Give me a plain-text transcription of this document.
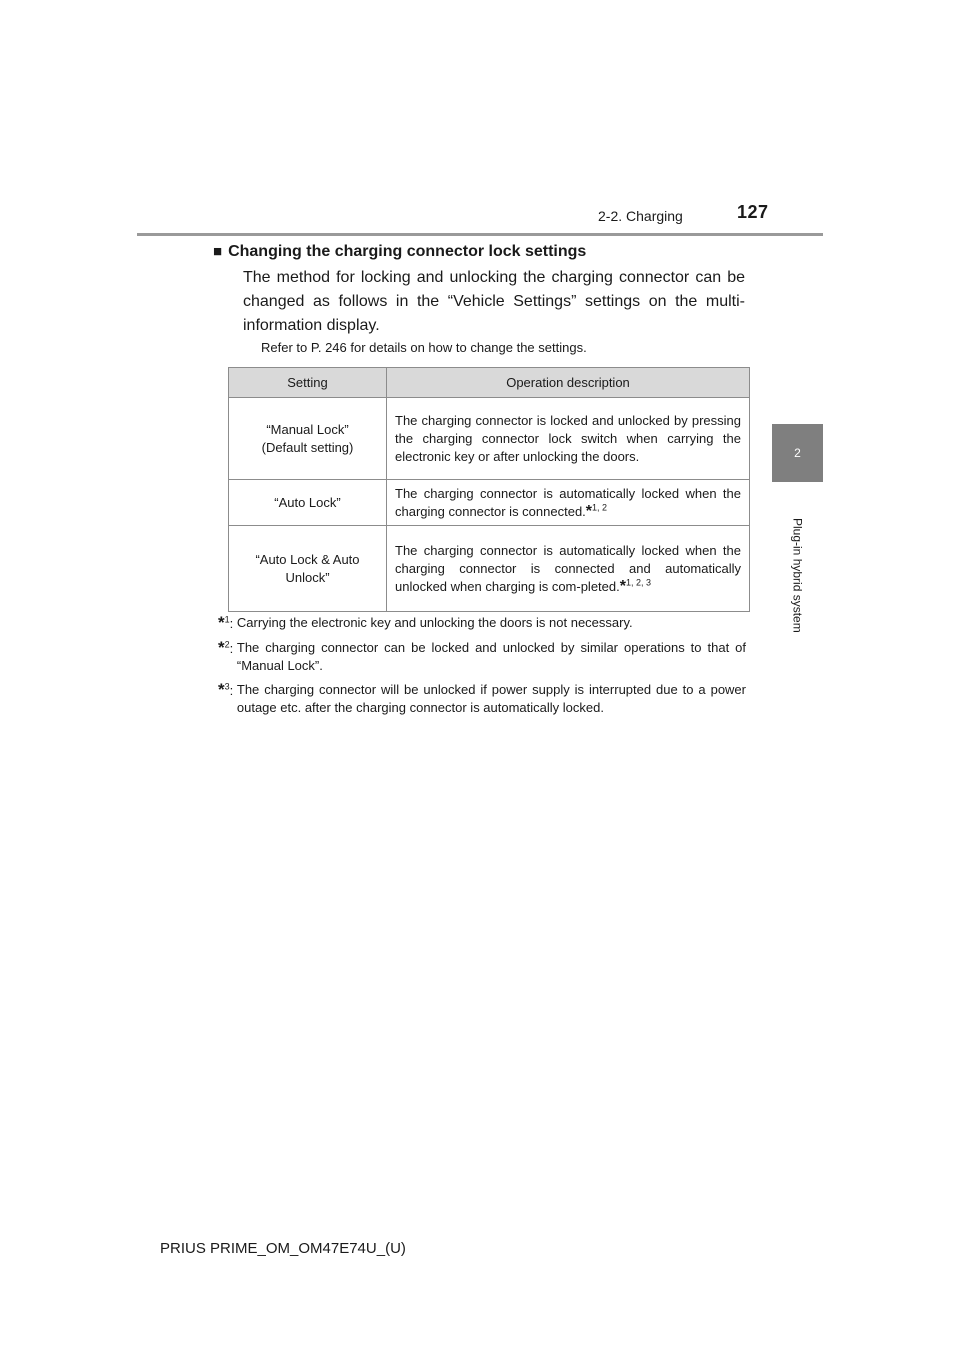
2-2. Charging	127
2
Plug-in hybrid system
■ Changing the charging connector lock settings
The method for locking and unlocking the charging connector can be changed as follows in the “Vehicle Settings” settings on the multi-information display.
Refer to P. 246 for details on how to change the settings.
Setting	Operation description
“Manual Lock”
(Default setting)	The charging connector is locked and unlocked by pressing the charging connector lock switch when carrying the electronic key or after unlocking the doors.
“Auto Lock”	The charging connector is automatically locked when the charging connector is connected.*$^{1, 2}$
“Auto Lock & Auto Unlock”	The charging connector is automatically locked when the charging connector is connected and automatically unlocked when charging is com-pleted.*$^{1, 2, 3}$
*$^1$: Carrying the electronic key and unlocking the doors is not necessary.
*$^2$: The charging connector can be locked and unlocked by similar operations to that of “Manual Lock”.
*$^3$: The charging connector will be unlocked if power supply is interrupted due to a power outage etc. after the charging connector is automatically locked.
PRIUS PRIME_OM_OM47E74U_(U)
